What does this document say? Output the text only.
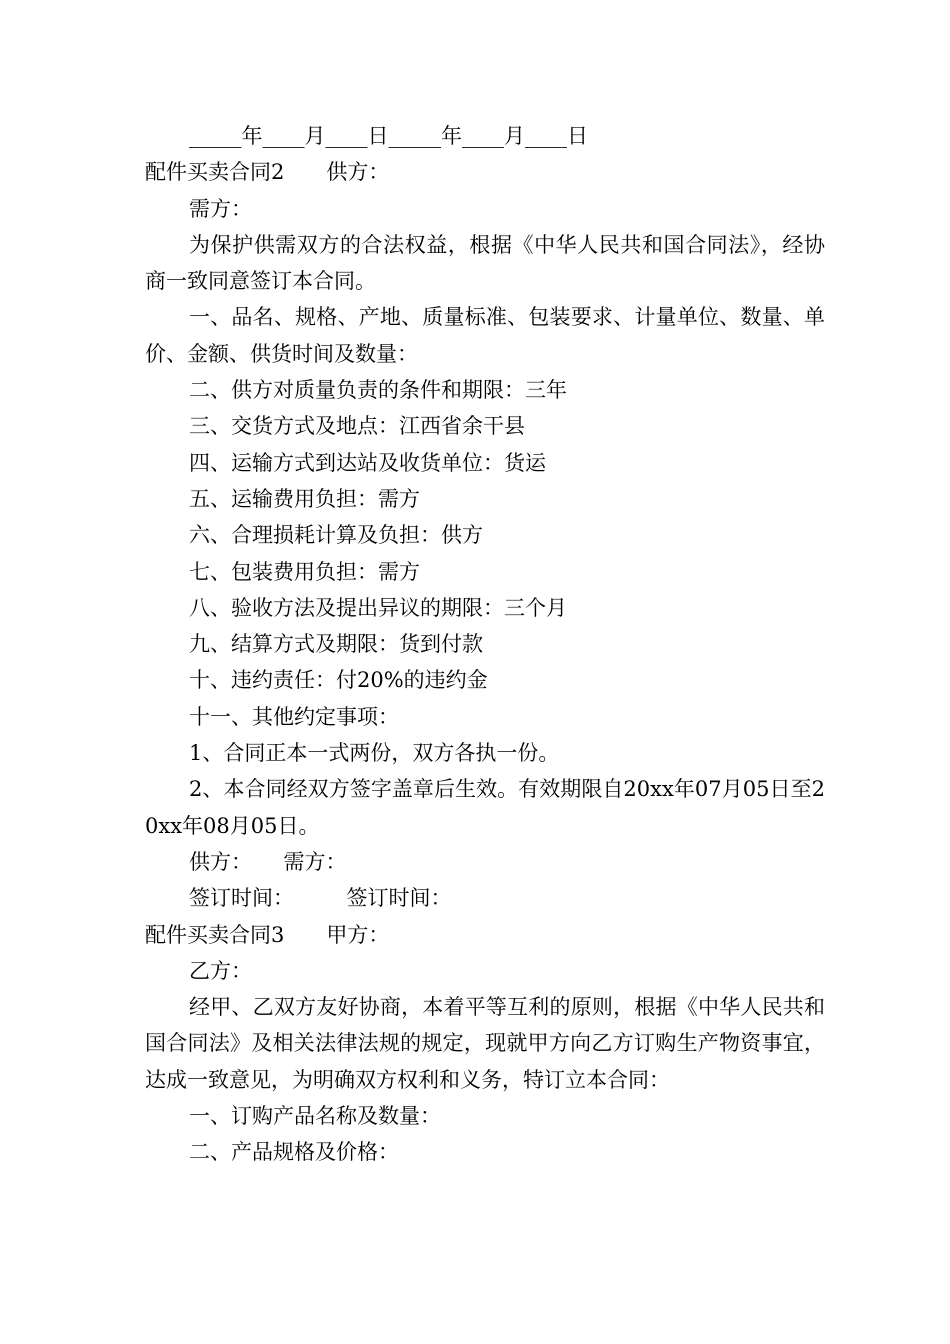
_____年____月____日_____年____月____日

配件买卖合同2　　供方：

需方：

为保护供需双方的合法权益，根据《中华人民共和国合同法》，经协商一致同意签订本合同。

一、品名、规格、产地、质量标准、包装要求、计量单位、数量、单价、金额、供货时间及数量：

二、供方对质量负责的条件和期限：三年

三、交货方式及地点：江西省余干县

四、运输方式到达站及收货单位：货运

五、运输费用负担：需方

六、合理损耗计算及负担：供方

七、包装费用负担：需方

八、验收方法及提出异议的期限：三个月

九、结算方式及期限：货到付款

十、违约责任：付20%的违约金

十一、其他约定事项：

1、合同正本一式两份，双方各执一份。

2、本合同经双方签字盖章后生效。有效期限自20xx年07月05日至20xx年08月05日。

供方：　　需方：

签订时间：　　　签订时间：

配件买卖合同3　　甲方：

乙方：

经甲、乙双方友好协商，本着平等互利的原则，根据《中华人民共和国合同法》及相关法律法规的规定，现就甲方向乙方订购生产物资事宜，达成一致意见，为明确双方权利和义务，特订立本合同：

一、订购产品名称及数量：

二、产品规格及价格：
